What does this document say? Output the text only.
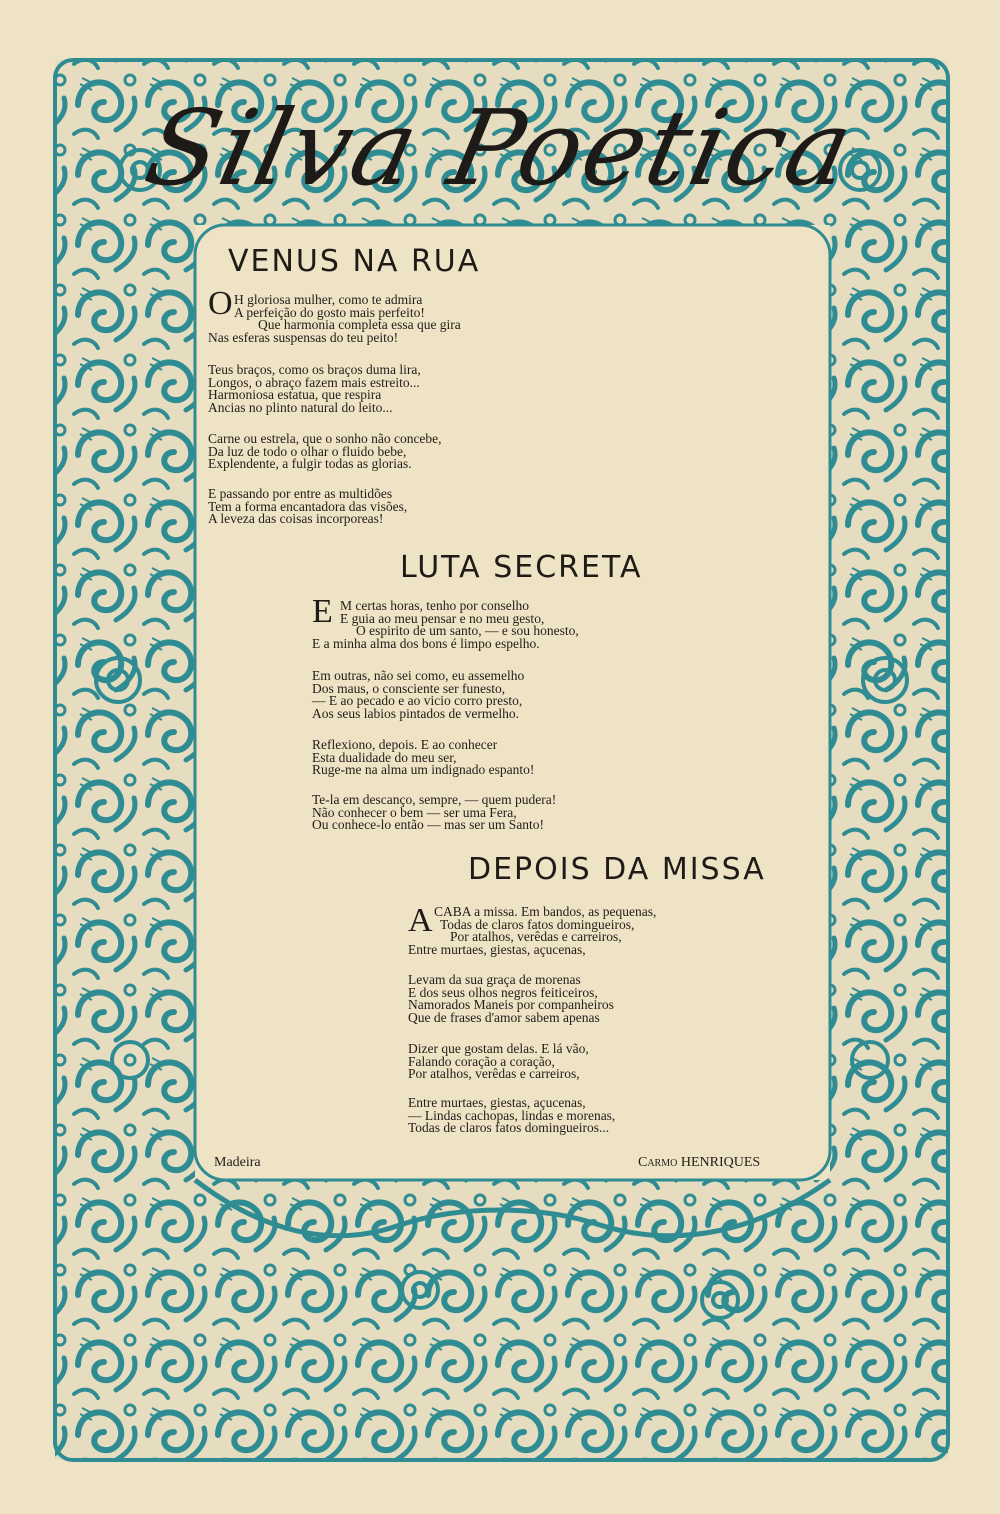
Silva Poetica
VENUS NA RUA
O H gloriosa mulher, como te admira
A perfeição do gosto mais perfeito!
Que harmonia completa essa que gira
Nas esferas suspensas do teu peito!
Teus braços, como os braços duma lira,
Longos, o abraço fazem mais estreito...
Harmoniosa estatua, que respira
Ancias no plinto natural do leito...
Carne ou estrela, que o sonho não concebe,
Da luz de todo o olhar o fluido bebe,
Explendente, a fulgir todas as glorias.
E passando por entre as multidões
Tem a forma encantadora das visões,
A leveza das coisas incorporeas!
LUTA SECRETA
E M certas horas, tenho por conselho
E guia ao meu pensar e no meu gesto,
O espirito de um santo, — e sou honesto,
E a minha alma dos bons é limpo espelho.
Em outras, não sei como, eu assemelho
Dos maus, o consciente ser funesto,
— E ao pecado e ao vicio corro presto,
Aos seus labios pintados de vermelho.
Reflexiono, depois. E ao conhecer
Esta dualidade do meu ser,
Ruge-me na alma um indignado espanto!
Te-la em descanço, sempre, — quem pudera!
Não conhecer o bem — ser uma Fera,
Ou conhece-lo então — mas ser um Santo!
DEPOIS DA MISSA
A CABA a missa. Em bandos, as pequenas,
Todas de claros fatos domingueiros,
Por atalhos, verêdas e carreiros,
Entre murtaes, giestas, açucenas,
Levam da sua graça de morenas
E dos seus olhos negros feiticeiros,
Namorados Maneis por companheiros
Que de frases d'amor sabem apenas
Dizer que gostam delas. E lá vão,
Falando coração a coração,
Por atalhos, verêdas e carreiros,
Entre murtaes, giestas, açucenas,
— Lindas cachopas, lindas e morenas,
Todas de claros fatos domingueiros...
Madeira	Carmo HENRIQUES
